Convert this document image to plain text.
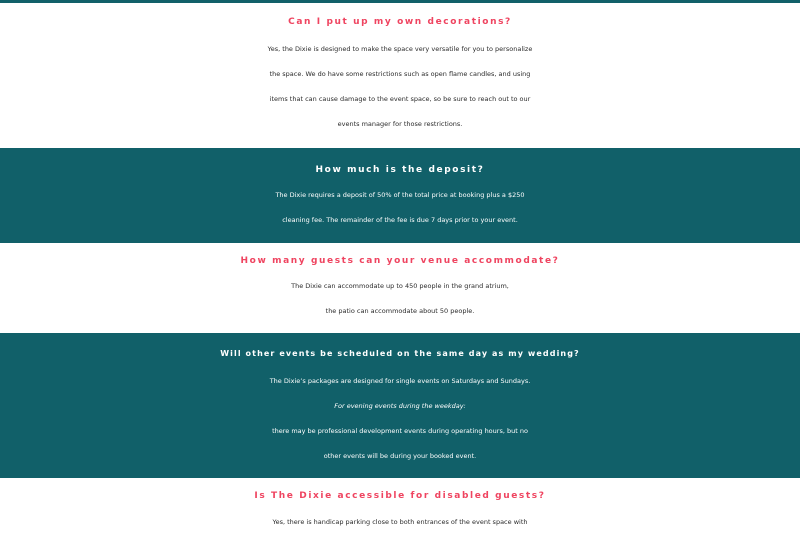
Can I put up my own decorations?
Yes, the Dixie is designed to make the space very versatile for you to personalize
the space. We do have some restrictions such as open flame candles, and using
items that can cause damage to the event space, so be sure to reach out to our
events manager for those restrictions.
How much is the deposit?
The Dixie requires a deposit of 50% of the total price at booking plus a $250
cleaning fee. The remainder of the fee is due 7 days prior to your event.
How many guests can your venue accommodate?
The Dixie can accommodate up to 450 people in the grand atrium,
the patio can accommodate about 50 people.
Will other events be scheduled on the same day as my wedding?
The Dixie’s packages are designed for single events on Saturdays and Sundays.
For evening events during the weekday:
there may be professional development events during operating hours, but no
other events will be during your booked event.
Is The Dixie accessible for disabled guests?
Yes, there is handicap parking close to both entrances of the event space with
